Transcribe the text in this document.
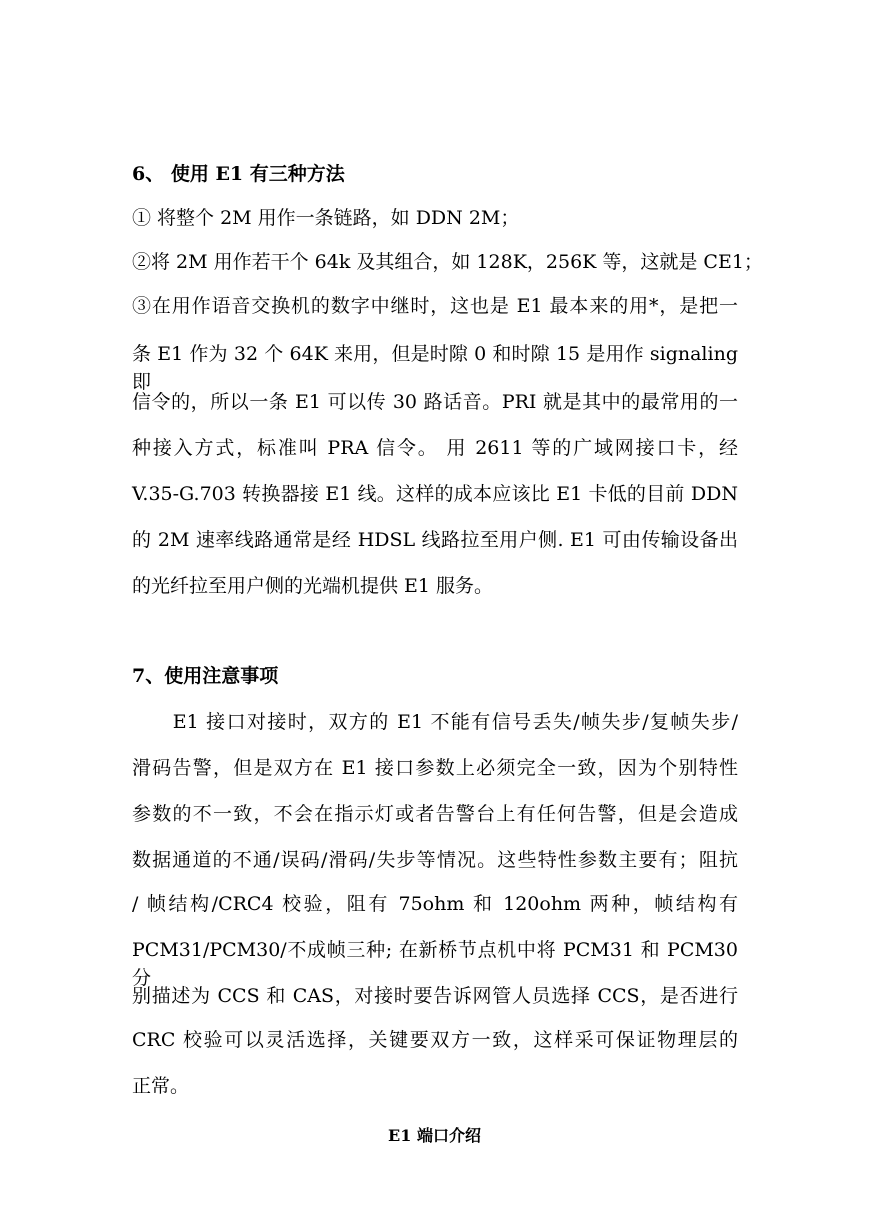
6、 使用 E1 有三种方法
① 将整个 2M 用作一条链路，如 DDN 2M；
②将 2M 用作若干个 64k 及其组合，如 128K，256K 等，这就是 CE1；
③在用作语音交换机的数字中继时，这也是 E1 最本来的用*，是把一
条 E1 作为 32 个 64K 来用，但是时隙 0 和时隙 15 是用作 signaling 即
信令的，所以一条 E1 可以传 30 路话音。PRI 就是其中的最常用的一
种接入方式，标准叫 PRA 信令。 用 2611 等的广域网接口卡，经
V.35-G.703 转换器接 E1 线。这样的成本应该比 E1 卡低的目前 DDN
的 2M 速率线路通常是经 HDSL 线路拉至用户侧. E1 可由传输设备出
的光纤拉至用户侧的光端机提供 E1 服务。
7、使用注意事项
　　E1 接口对接时，双方的 E1 不能有信号丢失/帧失步/复帧失步/
滑码告警，但是双方在 E1 接口参数上必须完全一致，因为个别特性
参数的不一致，不会在指示灯或者告警台上有任何告警，但是会造成
数据通道的不通/误码/滑码/失步等情况。这些特性参数主要有；阻抗
/ 帧结构/CRC4 校验，阻有 75ohm 和 120ohm 两种，帧结构有
PCM31/PCM30/不成帧三种; 在新桥节点机中将 PCM31 和 PCM30 分
别描述为 CCS 和 CAS，对接时要告诉网管人员选择 CCS，是否进行
CRC 校验可以灵活选择，关键要双方一致，这样采可保证物理层的
正常。
E1 端口介绍
